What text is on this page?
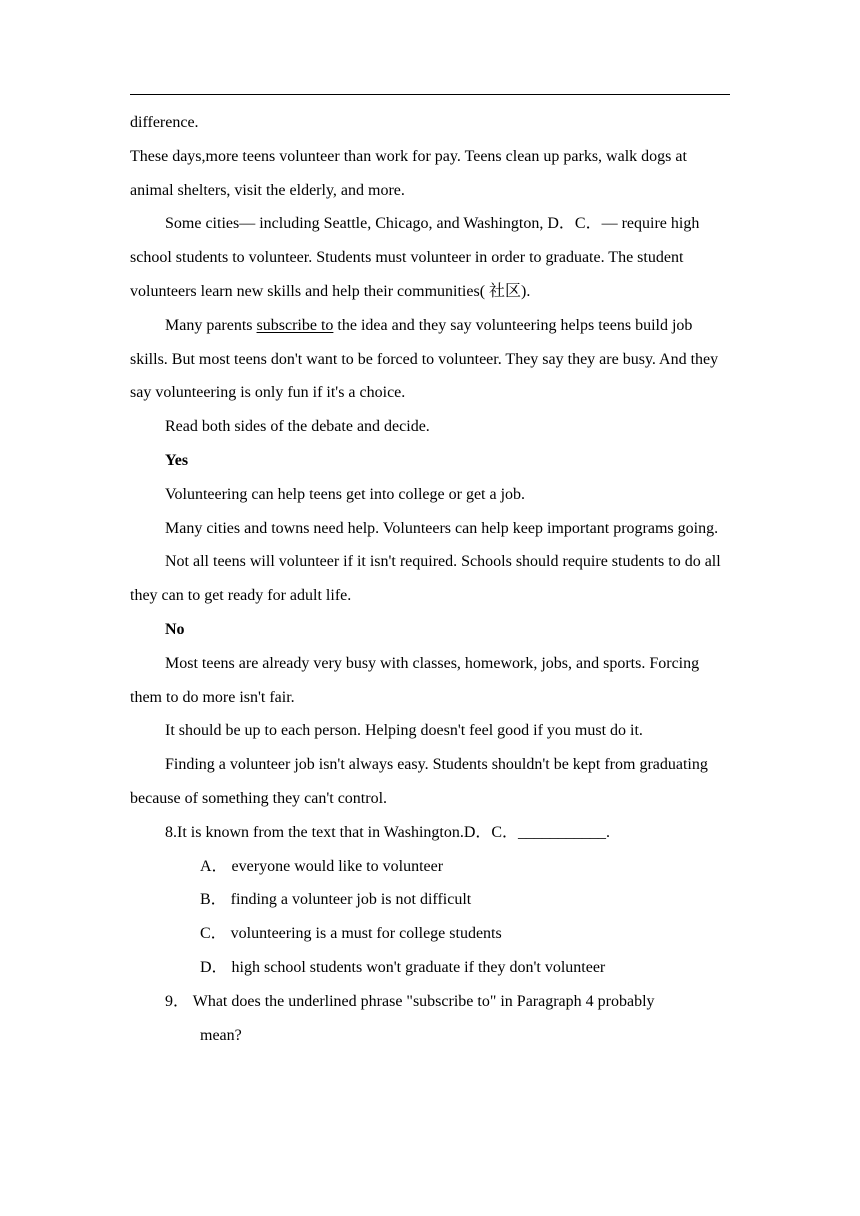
difference.

These days,more teens volunteer than work for pay. Teens clean up parks, walk dogs at animal shelters, visit the elderly, and more.

Some cities— including Seattle, Chicago, and Washington, D．C．— require high school students to volunteer. Students must volunteer in order to graduate. The student volunteers learn new skills and help their communities( 社区).

Many parents subscribe to the idea and they say volunteering helps teens build job skills. But most teens don't want to be forced to volunteer. They say they are busy. And they say volunteering is only fun if it's a choice.

Read both sides of the debate and decide.

Yes

Volunteering can help teens get into college or get a job.

Many cities and towns need help. Volunteers can help keep important programs going.

Not all teens will volunteer if it isn't required. Schools should require students to do all they can to get ready for adult life.

No

Most teens are already very busy with classes, homework, jobs, and sports. Forcing them to do more isn't fair.

It should be up to each person. Helping doesn't feel good if you must do it.

Finding a volunteer job isn't always easy. Students shouldn't be kept from graduating because of something they can't control.

8.It is known from the text that in Washington.D．C．___________.

A． everyone would like to volunteer

B． finding a volunteer job is not difficult

C． volunteering is a must for college students

D． high school students won't graduate if they don't volunteer

9． What does the underlined phrase "subscribe to" in Paragraph 4 probably

mean?
